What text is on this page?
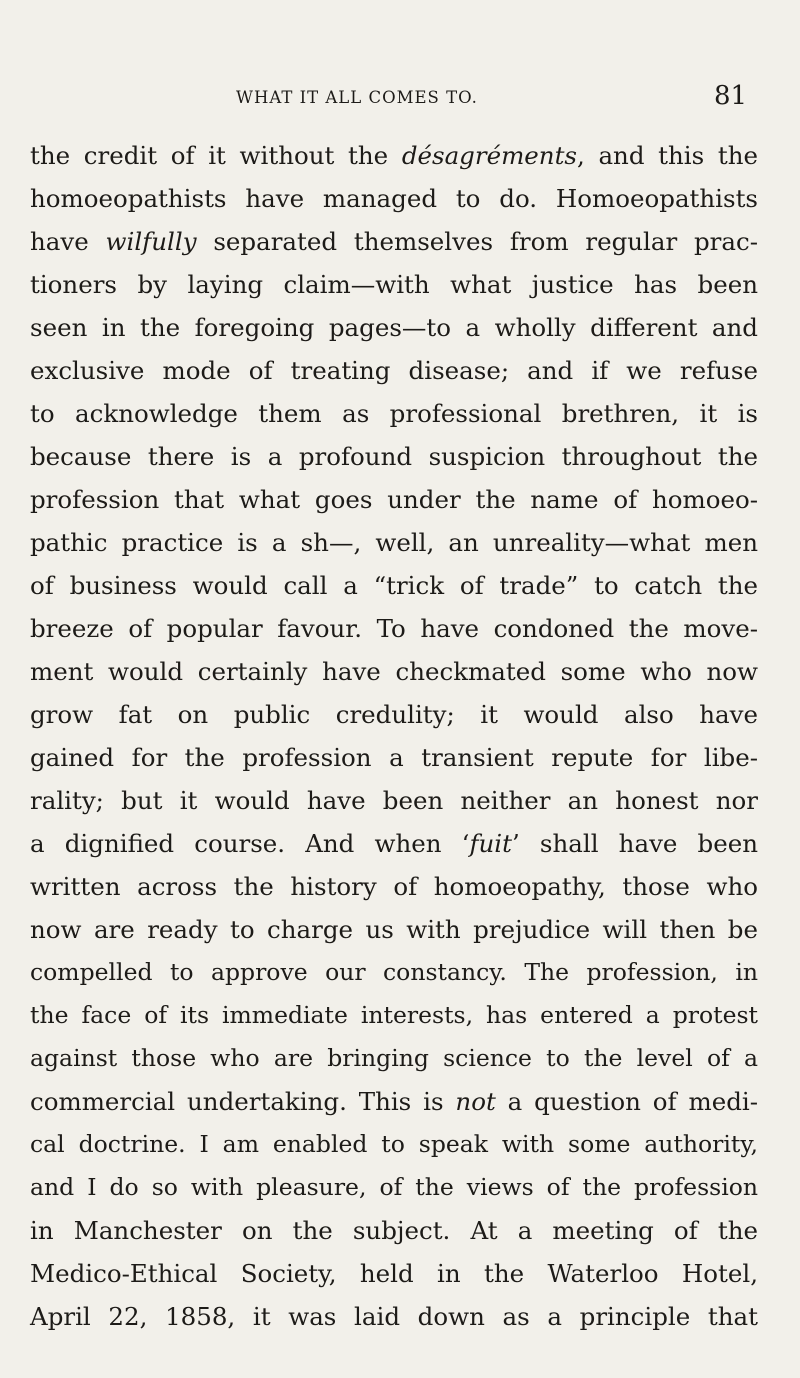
WHAT IT ALL COMES TO.	81
the credit of it without the désagréments, and this the
homoeopathists have managed to do. Homoeopathists
have wilfully separated themselves from regular prac-
tioners by laying claim—with what justice has been
seen in the foregoing pages—to a wholly different and
exclusive mode of treating disease; and if we refuse
to acknowledge them as professional brethren, it is
because there is a profound suspicion throughout the
profession that what goes under the name of homoeo-
pathic practice is a sh—, well, an unreality—what men
of business would call a “trick of trade” to catch the
breeze of popular favour. To have condoned the move-
ment would certainly have checkmated some who now
grow fat on public credulity; it would also have
gained for the profession a transient repute for libe-
rality; but it would have been neither an honest nor
a dignified course. And when ‘fuit’ shall have been
written across the history of homoeopathy, those who
now are ready to charge us with prejudice will then be
compelled to approve our constancy. The profession, in
the face of its immediate interests, has entered a protest
against those who are bringing science to the level of a
commercial undertaking. This is not a question of medi-
cal doctrine. I am enabled to speak with some authority,
and I do so with pleasure, of the views of the profession
in Manchester on the subject. At a meeting of the
Medico-Ethical Society, held in the Waterloo Hotel,
April 22, 1858, it was laid down as a principle that
